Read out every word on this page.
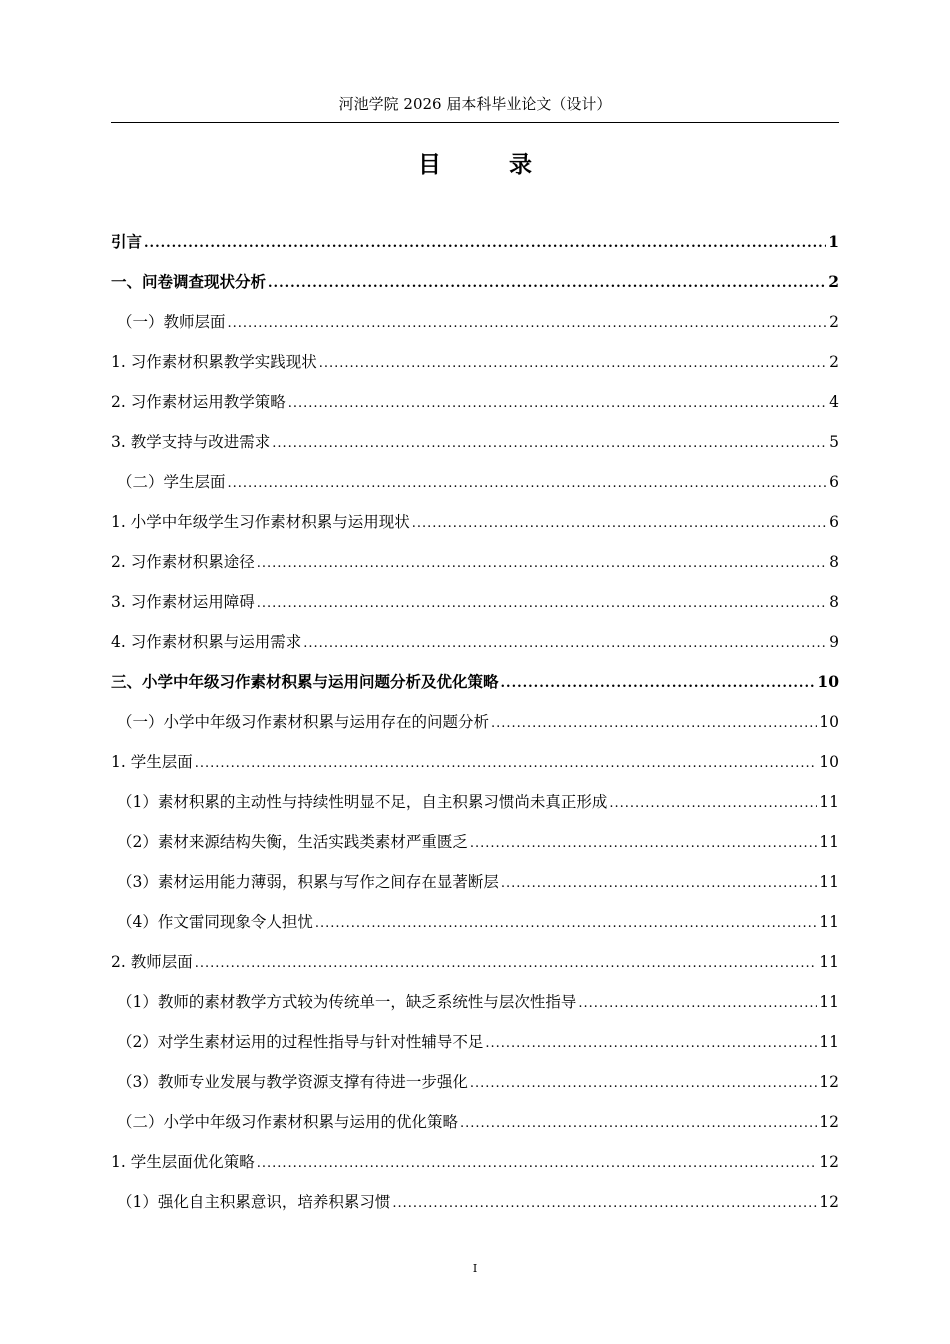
河池学院 2026 届本科毕业论文（设计）
目 录
引言 .....	1
一、问卷调查现状分析 .....	2
（一）教师层面 .....	2
1. 习作素材积累教学实践现状 .....	2
2. 习作素材运用教学策略 .....	4
3. 教学支持与改进需求 .....	5
（二）学生层面 .....	6
1. 小学中年级学生习作素材积累与运用现状 .....	6
2. 习作素材积累途径 .....	8
3. 习作素材运用障碍 .....	8
4. 习作素材积累与运用需求 .....	9
三、小学中年级习作素材积累与运用问题分析及优化策略 .....	10
（一）小学中年级习作素材积累与运用存在的问题分析 .....	10
1. 学生层面 .....	10
（1）素材积累的主动性与持续性明显不足，自主积累习惯尚未真正形成 .....	11
（2）素材来源结构失衡，生活实践类素材严重匮乏 .....	11
（3）素材运用能力薄弱，积累与写作之间存在显著断层 .....	11
（4）作文雷同现象令人担忧 .....	11
2. 教师层面 .....	11
（1）教师的素材教学方式较为传统单一，缺乏系统性与层次性指导 .....	11
（2）对学生素材运用的过程性指导与针对性辅导不足 .....	11
（3）教师专业发展与教学资源支撑有待进一步强化 .....	12
（二）小学中年级习作素材积累与运用的优化策略 .....	12
1. 学生层面优化策略 .....	12
（1）强化自主积累意识，培养积累习惯 .....	12
I
